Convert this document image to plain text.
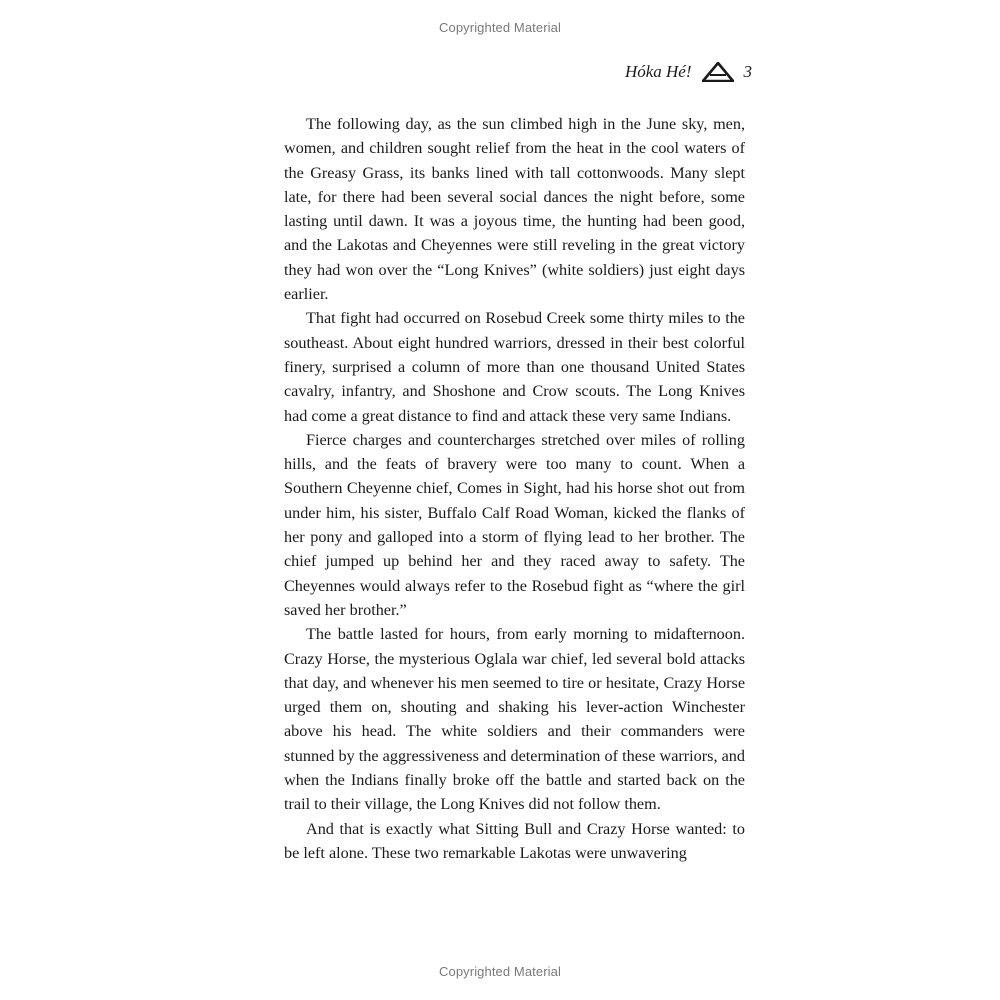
Copyrighted Material
Hóka Hé!	3

The following day, as the sun climbed high in the June sky, men, women, and children sought relief from the heat in the cool waters of the Greasy Grass, its banks lined with tall cottonwoods. Many slept late, for there had been several social dances the night before, some lasting until dawn. It was a joyous time, the hunting had been good, and the Lakotas and Cheyennes were still reveling in the great victory they had won over the “Long Knives” (white soldiers) just eight days earlier.

That fight had occurred on Rosebud Creek some thirty miles to the southeast. About eight hundred warriors, dressed in their best colorful finery, surprised a column of more than one thousand United States cavalry, infantry, and Shoshone and Crow scouts. The Long Knives had come a great distance to find and attack these very same Indians.

Fierce charges and countercharges stretched over miles of rolling hills, and the feats of bravery were too many to count. When a Southern Cheyenne chief, Comes in Sight, had his horse shot out from under him, his sister, Buffalo Calf Road Woman, kicked the flanks of her pony and galloped into a storm of flying lead to her brother. The chief jumped up behind her and they raced away to safety. The Cheyennes would always refer to the Rosebud fight as “where the girl saved her brother.”

The battle lasted for hours, from early morning to midafternoon. Crazy Horse, the mysterious Oglala war chief, led several bold attacks that day, and whenever his men seemed to tire or hesitate, Crazy Horse urged them on, shouting and shaking his lever-action Winchester above his head. The white soldiers and their commanders were stunned by the aggressiveness and determination of these warriors, and when the Indians finally broke off the battle and started back on the trail to their village, the Long Knives did not follow them.

And that is exactly what Sitting Bull and Crazy Horse wanted: to be left alone. These two remarkable Lakotas were unwavering

Copyrighted Material
